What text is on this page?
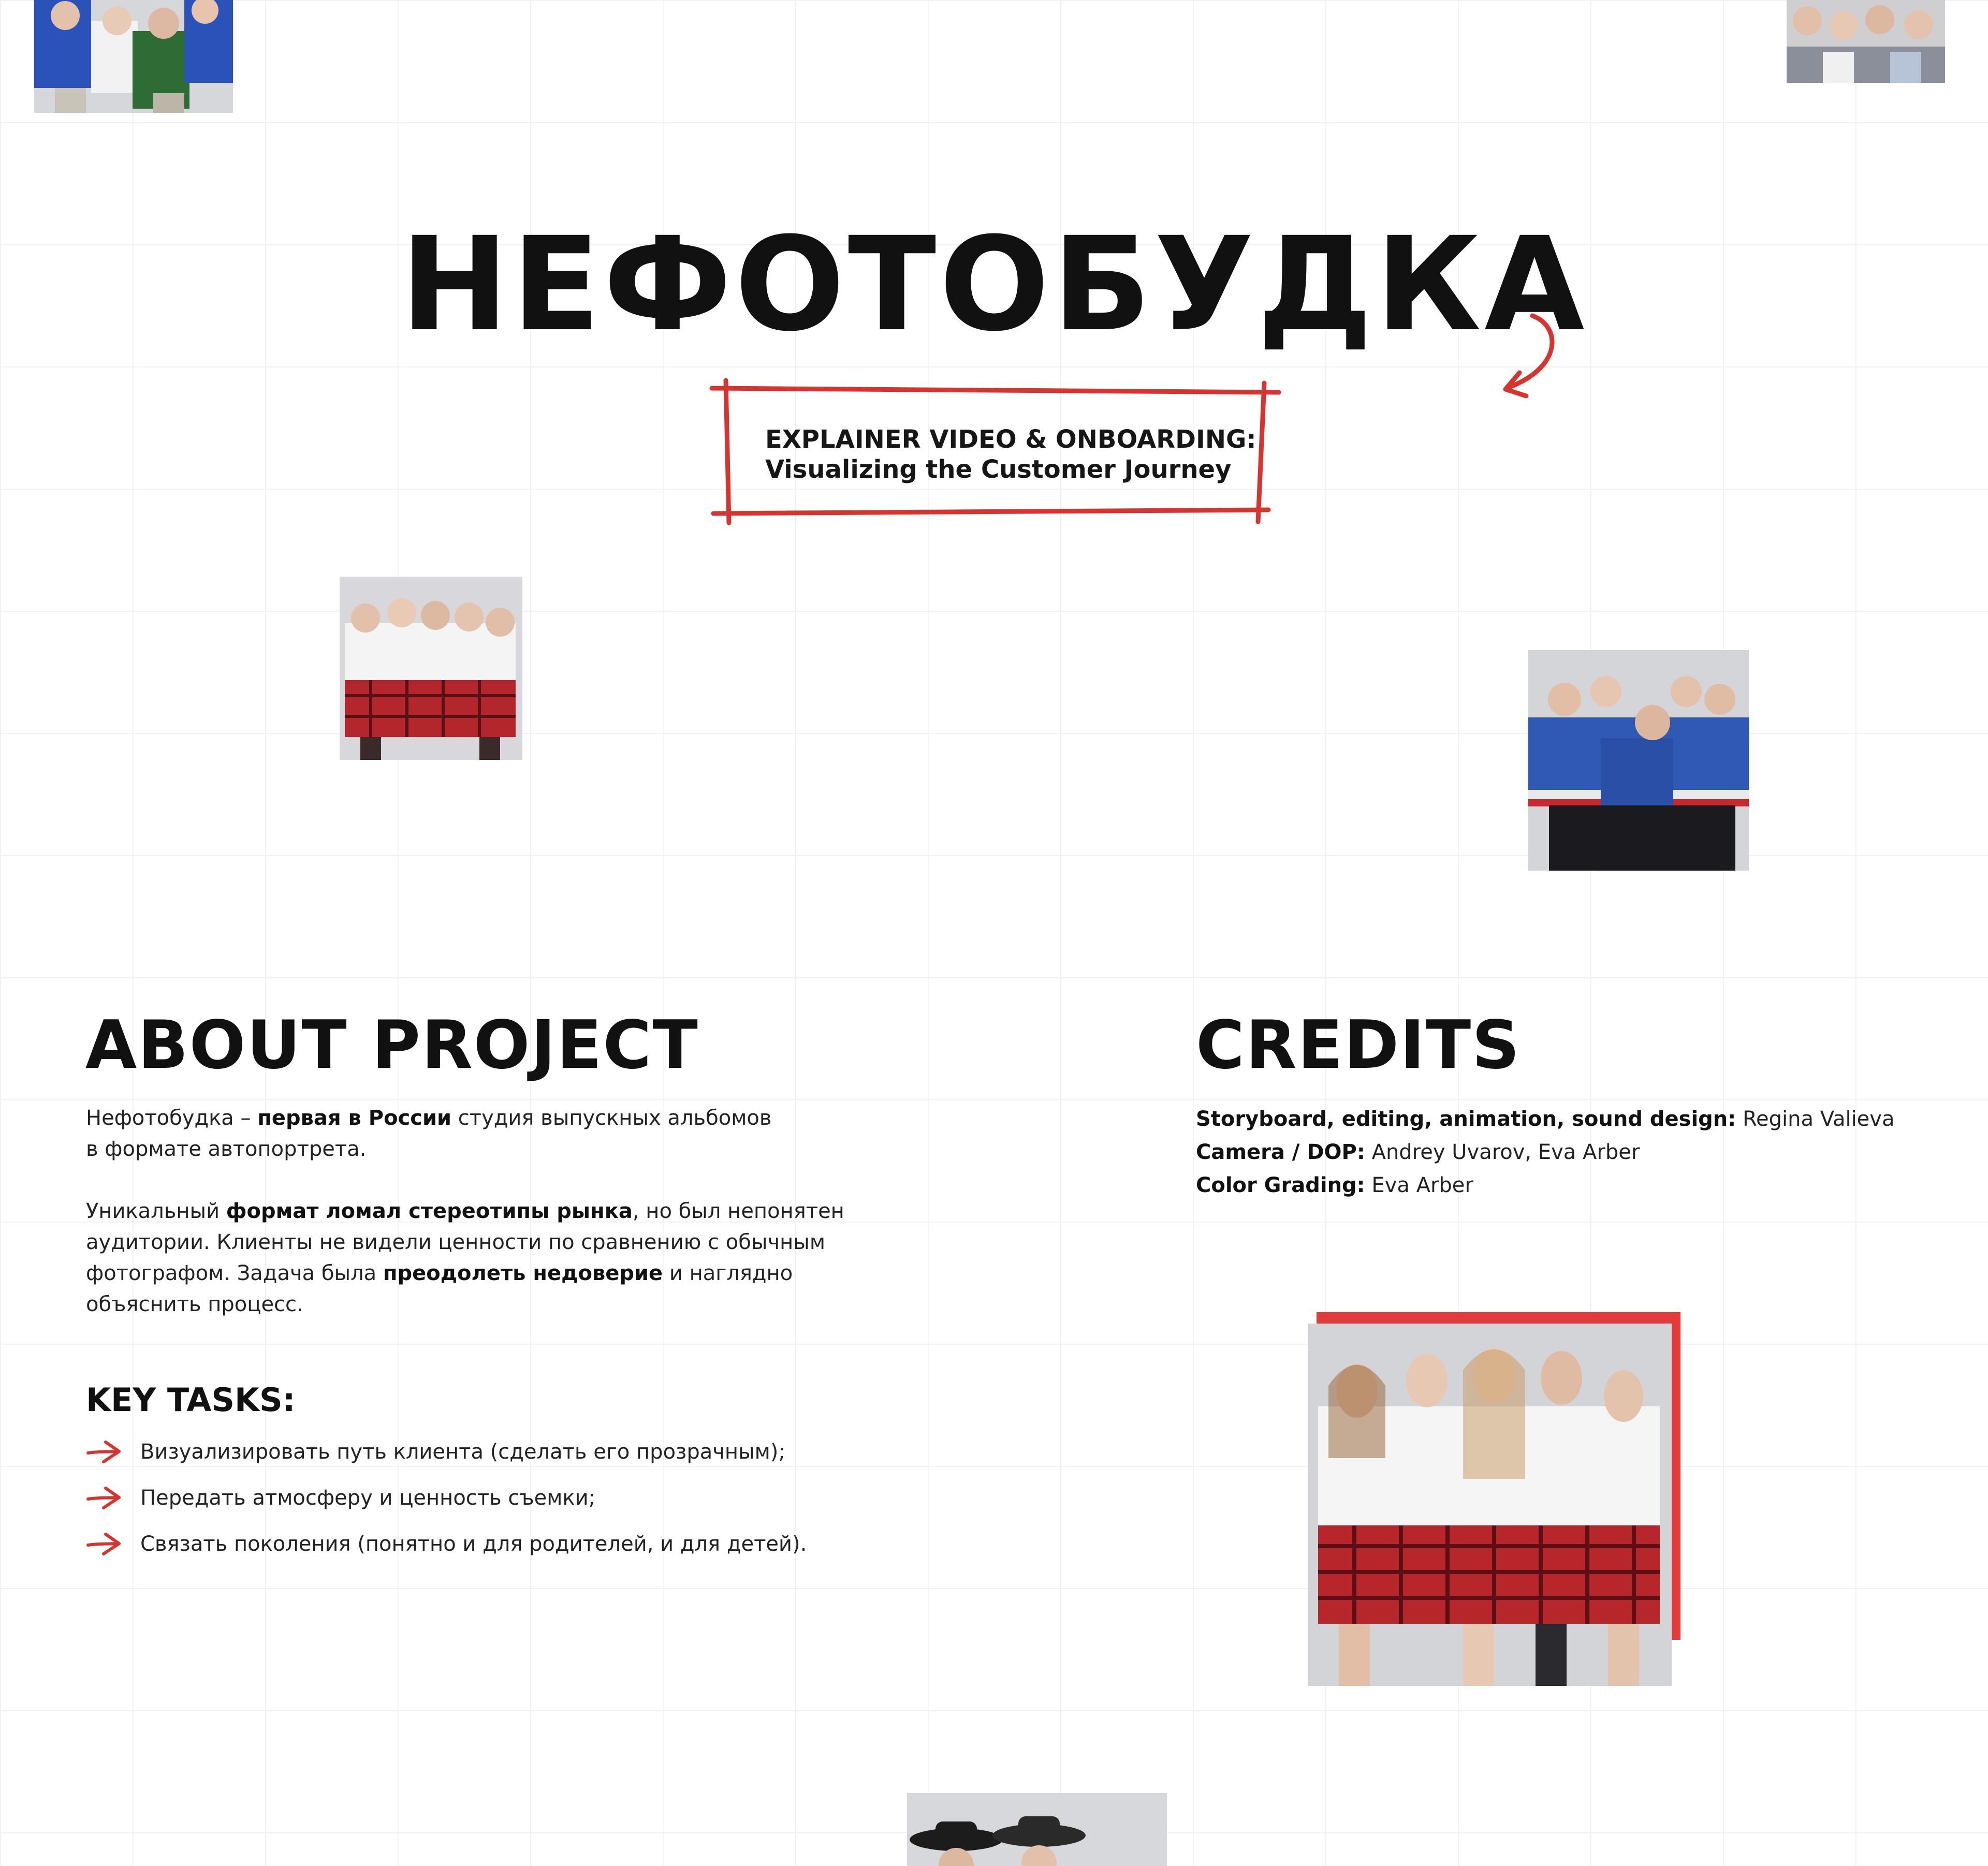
НЕФОТОБУДКА
EXPLAINER VIDEO & ONBOARDING:
Visualizing the Customer Journey
ABOUT PROJECT
Нефотобудка – первая в России студия выпускных альбомов
в формате автопортрета.
Уникальный формат ломал стереотипы рынка, но был непонятен
аудитории. Клиенты не видели ценности по сравнению с обычным
фотографом. Задача была преодолеть недоверие и наглядно
объяснить процесс.
KEY TASKS:
Визуализировать путь клиента (сделать его прозрачным);
Передать атмосферу и ценность съемки;
Связать поколения (понятно и для родителей, и для детей).
CREDITS
Storyboard, editing, animation, sound design: Regina Valieva
Camera / DOP: Andrey Uvarov, Eva Arber
Color Grading: Eva Arber
